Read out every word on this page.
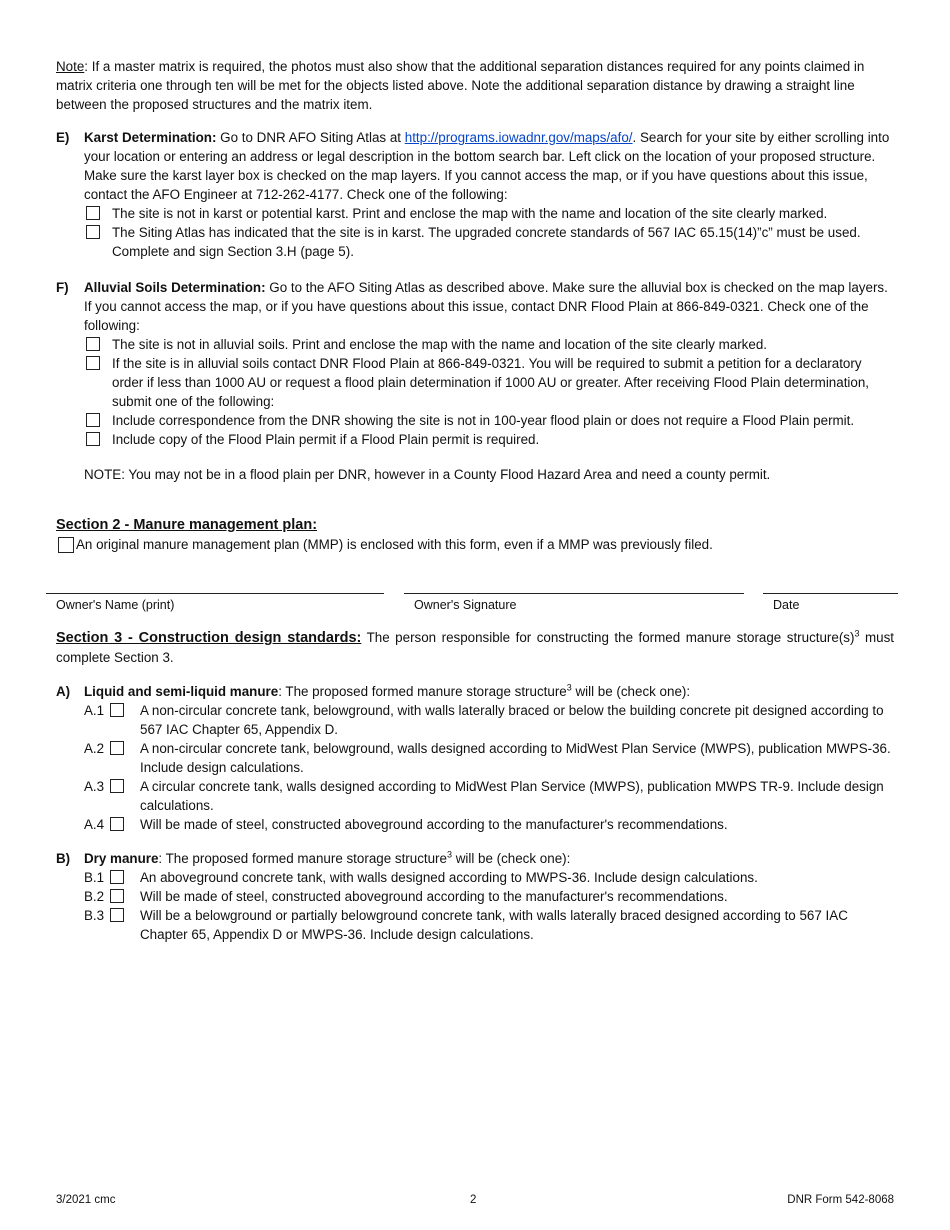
Note: If a master matrix is required, the photos must also show that the additional separation distances required for any points claimed in matrix criteria one through ten will be met for the objects listed above. Note the additional separation distance by drawing a straight line between the proposed structures and the matrix item.

E) Karst Determination: Go to DNR AFO Siting Atlas at http://programs.iowadnr.gov/maps/afo/. Search for your site by either scrolling into your location or entering an address or legal description in the bottom search bar. Left click on the location of your proposed structure. Make sure the karst layer box is checked on the map layers. If you cannot access the map, or if you have questions about this issue, contact the AFO Engineer at 712-262-4177. Check one of the following:

The site is not in karst or potential karst. Print and enclose the map with the name and location of the site clearly marked.
The Siting Atlas has indicated that the site is in karst. The upgraded concrete standards of 567 IAC 65.15(14)”c” must be used. Complete and sign Section 3.H (page 5).
F) Alluvial Soils Determination: Go to the AFO Siting Atlas as described above. Make sure the alluvial box is checked on the map layers. If you cannot access the map, or if you have questions about this issue, contact DNR Flood Plain at 866-849-0321. Check one of the following:

The site is not in alluvial soils. Print and enclose the map with the name and location of the site clearly marked.
If the site is in alluvial soils contact DNR Flood Plain at 866-849-0321. You will be required to submit a petition for a declaratory order if less than 1000 AU or request a flood plain determination if 1000 AU or greater. After receiving Flood Plain determination, submit one of the following:
Include correspondence from the DNR showing the site is not in 100-year flood plain or does not require a Flood Plain permit.
Include copy of the Flood Plain permit if a Flood Plain permit is required.

NOTE: You may not be in a flood plain per DNR, however in a County Flood Hazard Area and need a county permit.

Section 2 - Manure management plan:

An original manure management plan (MMP) is enclosed with this form, even if a MMP was previously filed.
Owner's Name (print)	Owner's Signature	Date

Section 3 - Construction design standards: The person responsible for constructing the formed manure storage $structure(s)^3$ must complete Section 3.

A) Liquid and semi-liquid manure: The proposed formed manure storage structure$^3$ will be (check one):

A.1	A non-circular concrete tank, belowground, with walls laterally braced or below the building concrete pit designed according to 567 IAC Chapter 65, Appendix D.
A.2	A non-circular concrete tank, belowground, walls designed according to MidWest Plan Service (MWPS), publication MWPS-36. Include design calculations.
A.3	A circular concrete tank, walls designed according to MidWest Plan Service (MWPS), publication MWPS TR-9. Include design calculations.
A.4	Will be made of steel, constructed aboveground according to the manufacturer's recommendations.
B) Dry manure: The proposed formed manure storage structure$^3$ will be (check one):

B.1	An aboveground concrete tank, with walls designed according to MWPS-36. Include design calculations.
B.2	Will be made of steel, constructed aboveground according to the manufacturer's recommendations.
B.3	Will be a belowground or partially belowground concrete tank, with walls laterally braced designed according to 567 IAC Chapter 65, Appendix D or MWPS-36. Include design calculations.
3/2021 cmc	2	DNR Form 542-8068
